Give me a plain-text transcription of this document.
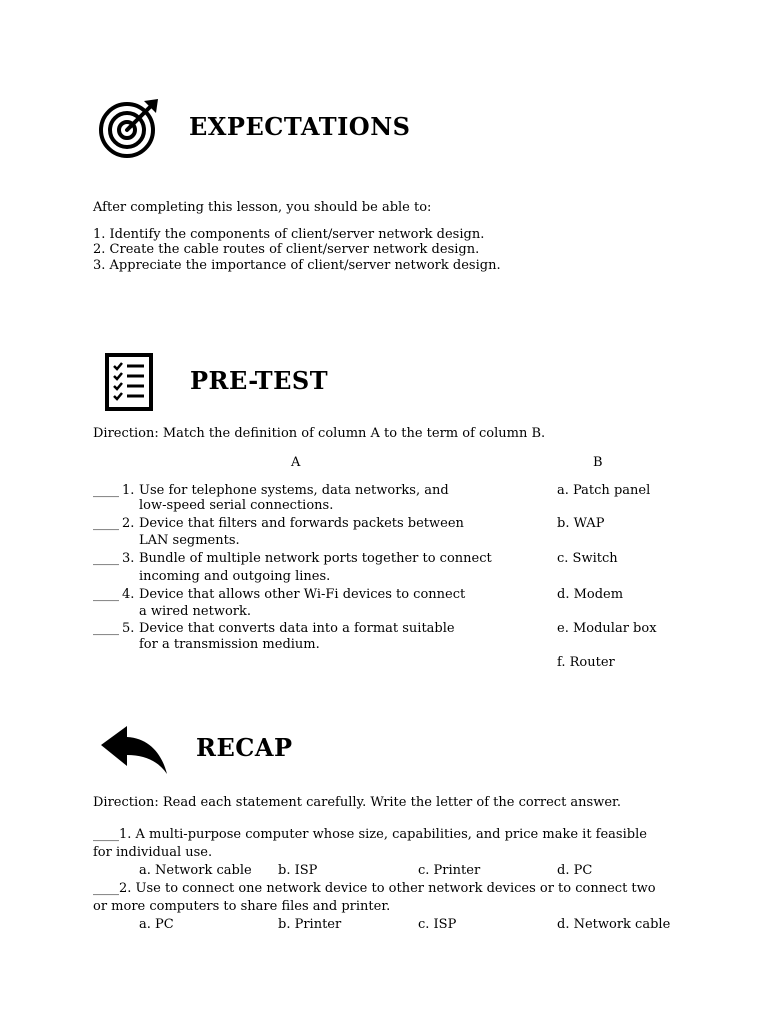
EXPECTATIONS
After completing this lesson, you should be able to:
1. Identify the components of client/server network design.
2. Create the cable routes of client/server network design.
3. Appreciate the importance of client/server network design.
PRE-TEST
Direction: Match the definition of column A to the term of column B.
A	B
____ 1. Use for telephone systems, data networks, and
low-speed serial connections.
a. Patch panel
____ 2. Device that filters and forwards packets between
LAN segments.
b. WAP
____ 3. Bundle of multiple network ports together to connect
incoming and outgoing lines.
c. Switch
____ 4. Device that allows other Wi-Fi devices to connect
a wired network.
d. Modem
____ 5. Device that converts data into a format suitable
for a transmission medium.
e. Modular box
f. Router
RECAP
Direction: Read each statement carefully. Write the letter of the correct answer.
____1. A multi-purpose computer whose size, capabilities, and price make it feasible
for individual use.
a. Network cable b. ISP	c. Printer	d. PC
____2. Use to connect one network device to other network devices or to connect two
or more computers to share files and printer.
a. PC	b. Printer	c. ISP	d. Network cable
